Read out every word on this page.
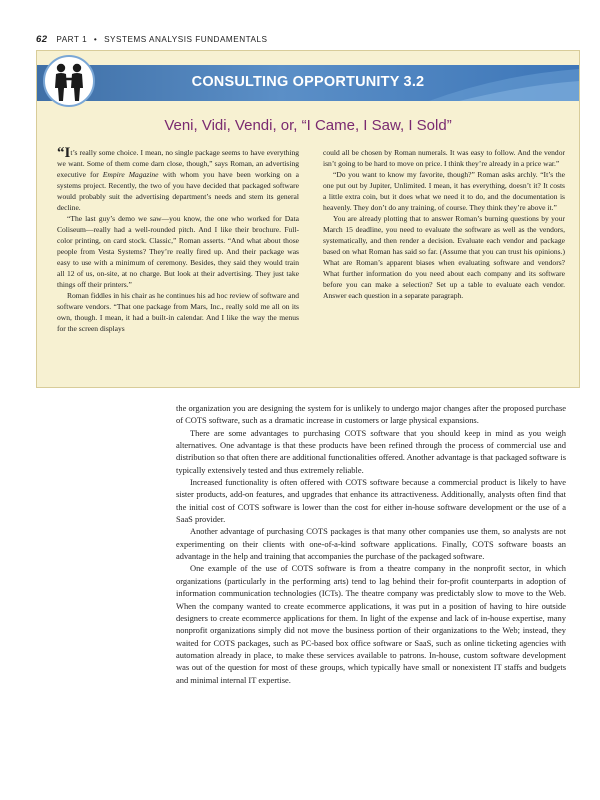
62 PART 1 • SYSTEMS ANALYSIS FUNDAMENTALS
CONSULTING OPPORTUNITY 3.2
Veni, Vidi, Vendi, or, “I Came, I Saw, I Sold”

“It’s really some choice. I mean, no single package seems to have everything we want. Some of them come darn close, though,” says Roman, an advertising executive for Empire Magazine with whom you have been working on a systems project. Recently, the two of you have decided that packaged software would probably suit the advertising department’s needs and stem its general decline.

“The last guy’s demo we saw—you know, the one who worked for Data Coliseum—really had a well-rounded pitch. And I like their brochure. Full-color printing, on card stock. Classic,” Roman asserts. “And what about those people from Vesta Systems? They’re really fired up. And their package was easy to use with a minimum of ceremony. Besides, they said they would train all 12 of us, on-site, at no charge. But look at their advertising. They just take things off their printers.”

Roman fiddles in his chair as he continues his ad hoc review of software and software vendors. “That one package from Mars, Inc., really sold me all on its own, though. I mean, it had a built-in calendar. And I like the way the menus for the screen displays

could all be chosen by Roman numerals. It was easy to follow. And the vendor isn’t going to be hard to move on price. I think they’re already in a price war.”

“Do you want to know my favorite, though?” Roman asks archly. “It’s the one put out by Jupiter, Unlimited. I mean, it has everything, doesn’t it? It costs a little extra coin, but it does what we need it to do, and the documentation is heavenly. They don’t do any training, of course. They think they’re above it.”

You are already plotting that to answer Roman’s burning questions by your March 15 deadline, you need to evaluate the software as well as the vendors, systematically, and then render a decision. Evaluate each vendor and package based on what Roman has said so far. (Assume that you can trust his opinions.) What are Roman’s apparent biases when evaluating software and vendors? What further information do you need about each company and its software before you can make a selection? Set up a table to evaluate each vendor. Answer each question in a separate paragraph.

the organization you are designing the system for is unlikely to undergo major changes after the proposed purchase of COTS software, such as a dramatic increase in customers or large physical expansions.

There are some advantages to purchasing COTS software that you should keep in mind as you weigh alternatives. One advantage is that these products have been refined through the process of commercial use and distribution so that often there are additional functionalities offered. Another advantage is that packaged software is typically extensively tested and thus extremely reliable.

Increased functionality is often offered with COTS software because a commercial product is likely to have sister products, add-on features, and upgrades that enhance its attractiveness. Additionally, analysts often find that the initial cost of COTS software is lower than the cost for either in-house software development or the use of a SaaS provider.

Another advantage of purchasing COTS packages is that many other companies use them, so analysts are not experimenting on their clients with one-of-a-kind software applications. Finally, COTS software boasts an advantage in the help and training that accompanies the purchase of the packaged software.

One example of the use of COTS software is from a theatre company in the nonprofit sector, in which organizations (particularly in the performing arts) tend to lag behind their for-profit counterparts in adoption of information communication technologies (ICTs). The theatre company was predictably slow to move to the Web. When the company wanted to create ecommerce applications, it was put in a position of having to hire outside designers to create ecommerce applications for them. In light of the expense and lack of in-house expertise, many nonprofit organizations simply did not move the business portion of their organizations to the Web; instead, they waited for COTS packages, such as PC-based box office software or SaaS, such as online ticketing agencies with automation already in place, to make these services available to patrons. In-house, custom software development was out of the question for most of these groups, which typically have small or nonexistent IT staffs and budgets and minimal internal IT expertise.
